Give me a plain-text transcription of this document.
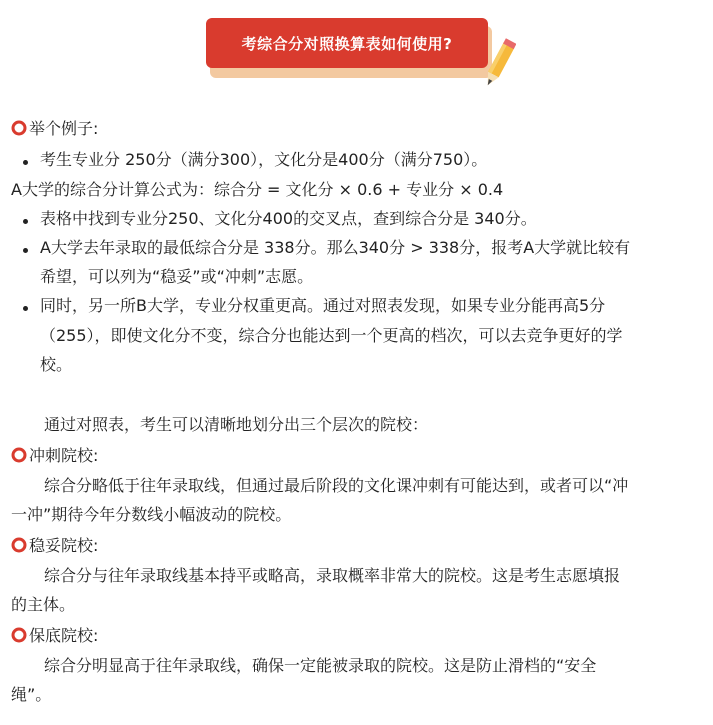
考综合分对照换算表如何使用?
举个例子:
考生专业分 250分（满分300），文化分是400分（满分750）。
A大学的综合分计算公式为：综合分 = 文化分 × 0.6 + 专业分 × 0.4
表格中找到专业分250、文化分400的交叉点，查到综合分是 340分。
A大学去年录取的最低综合分是 338分。那么340分 > 338分，报考A大学就比较有
希望，可以列为“稳妥”或“冲刺”志愿。
同时，另一所B大学，专业分权重更高。通过对照表发现，如果专业分能再高5分
（255），即使文化分不变，综合分也能达到一个更高的档次，可以去竞争更好的学
校。
通过对照表，考生可以清晰地划分出三个层次的院校：
冲刺院校:
综合分略低于往年录取线，但通过最后阶段的文化课冲刺有可能达到，或者可以“冲
一冲”期待今年分数线小幅波动的院校。
稳妥院校:
综合分与往年录取线基本持平或略高，录取概率非常大的院校。这是考生志愿填报
的主体。
保底院校:
综合分明显高于往年录取线，确保一定能被录取的院校。这是防止滑档的“安全
绳”。
